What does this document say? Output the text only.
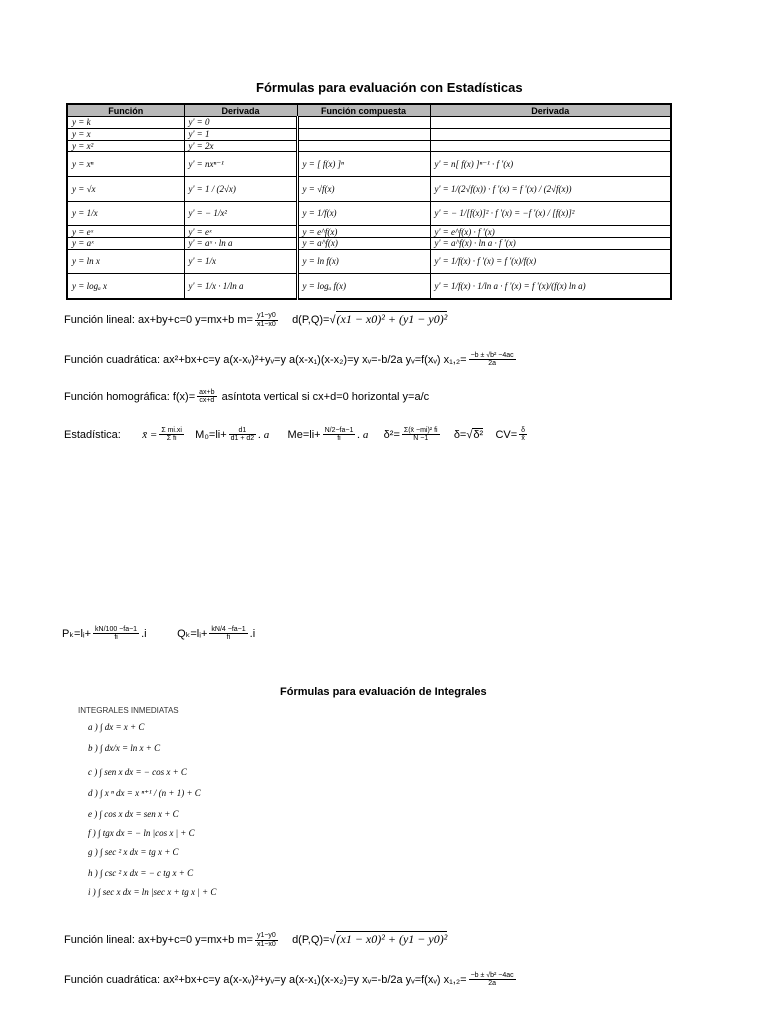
Fórmulas para evaluación con Estadísticas
Función	Derivada	Función compuesta	Derivada
y = k	y' = 0		
y = x	y' = 1		
y = x²	y' = 2x		
y = xⁿ	y' = nxⁿ⁻¹	y = [ f(x) ]ⁿ	y' = n[ f(x) ]ⁿ⁻¹ · f '(x)
y = √x	y' = 1 / (2√x)	y = √f(x)	y' = 1/(2√f(x)) · f '(x) = f '(x) / (2√f(x))
y = 1/x	y' = − 1/x²	y = 1/f(x)	y' = − 1/[f(x)]² · f '(x) = −f '(x) / [f(x)]²
y = eˣ	y' = eˣ	y = e^f(x)	y' = e^f(x) · f '(x)
y = aˣ	y' = aˣ · ln a	y = a^f(x)	y' = a^f(x) · ln a · f '(x)
y = ln x	y' = 1/x	y = ln f(x)	y' = 1/f(x) · f '(x) = f '(x)/f(x)
y = logₐ x	y' = 1/x · 1/ln a	y = logₐ f(x)	y' = 1/f(x) · 1/ln a · f '(x) = f '(x)/(f(x) ln a)
Función lineal: ax+by+c=0 y=mx+b $m= \frac{y1-y0}{x1-x0} d(P,Q)=√(x1 - x0)^2 + (y1 - y0)^2$
Función cuadrática: ax²+bx+c=y a(x-xᵥ)²+yᵥ=y a(x-x₁)(x-x₂)=y xᵥ=-b/2a yᵥ=f(xᵥ) $x_1,_2= \frac{\text{−b ± √b² −4ac}}{2a}$
Función homográfica: $f(x)= \frac{ax+b}{cx+d}$ asíntota vertical si cx+d=0 horizontal y=a/c
Estadística: x̄ = $\frac{\text{Σ mi.xi}}{\text{Σ fi}} M_0=li+ \frac{d1}{d1 + d2}$ . a $Me=li+ \frac{N/2-fa-1}{fi}$ . a $\delta^2= \frac{\text{Σ(x̄ −mi)² fi}}{N -1} \delta=√\delta^2$ $CV= \frac{\delta}{x̄}$
Pₖ=lᵢ+ $\frac{kN/100 -fa-1}{fi} .i$	Qₖ=lᵢ+ $\frac{kN/4 -fa-1}{fi} .i$
Fórmulas para evaluación de Integrales
INTEGRALES INMEDIATAS
a ) ∫ dx = x + C
b ) ∫ dx/x = ln x + C
c ) ∫ sen x dx = − cos x + C
d ) ∫ x ⁿ dx = x ⁿ⁺¹ / (n + 1) + C
e ) ∫ cos x dx = sen x + C
f ) ∫ tgx dx = − ln |cos x | + C
g ) ∫ sec ² x dx = tg x + C
h ) ∫ csc ² x dx = − c tg x + C
i ) ∫ sec x dx = ln |sec x + tg x | + C
Función lineal: ax+by+c=0 y=mx+b $m= \frac{y1-y0}{x1-x0} d(P,Q)=√(x1 - x0)^2 + (y1 - y0)^2$
Función cuadrática: ax²+bx+c=y a(x-xᵥ)²+yᵥ=y a(x-x₁)(x-x₂)=y xᵥ=-b/2a yᵥ=f(xᵥ) $x_1,_2= \frac{\text{−b ± √b² −4ac}}{2a}$
